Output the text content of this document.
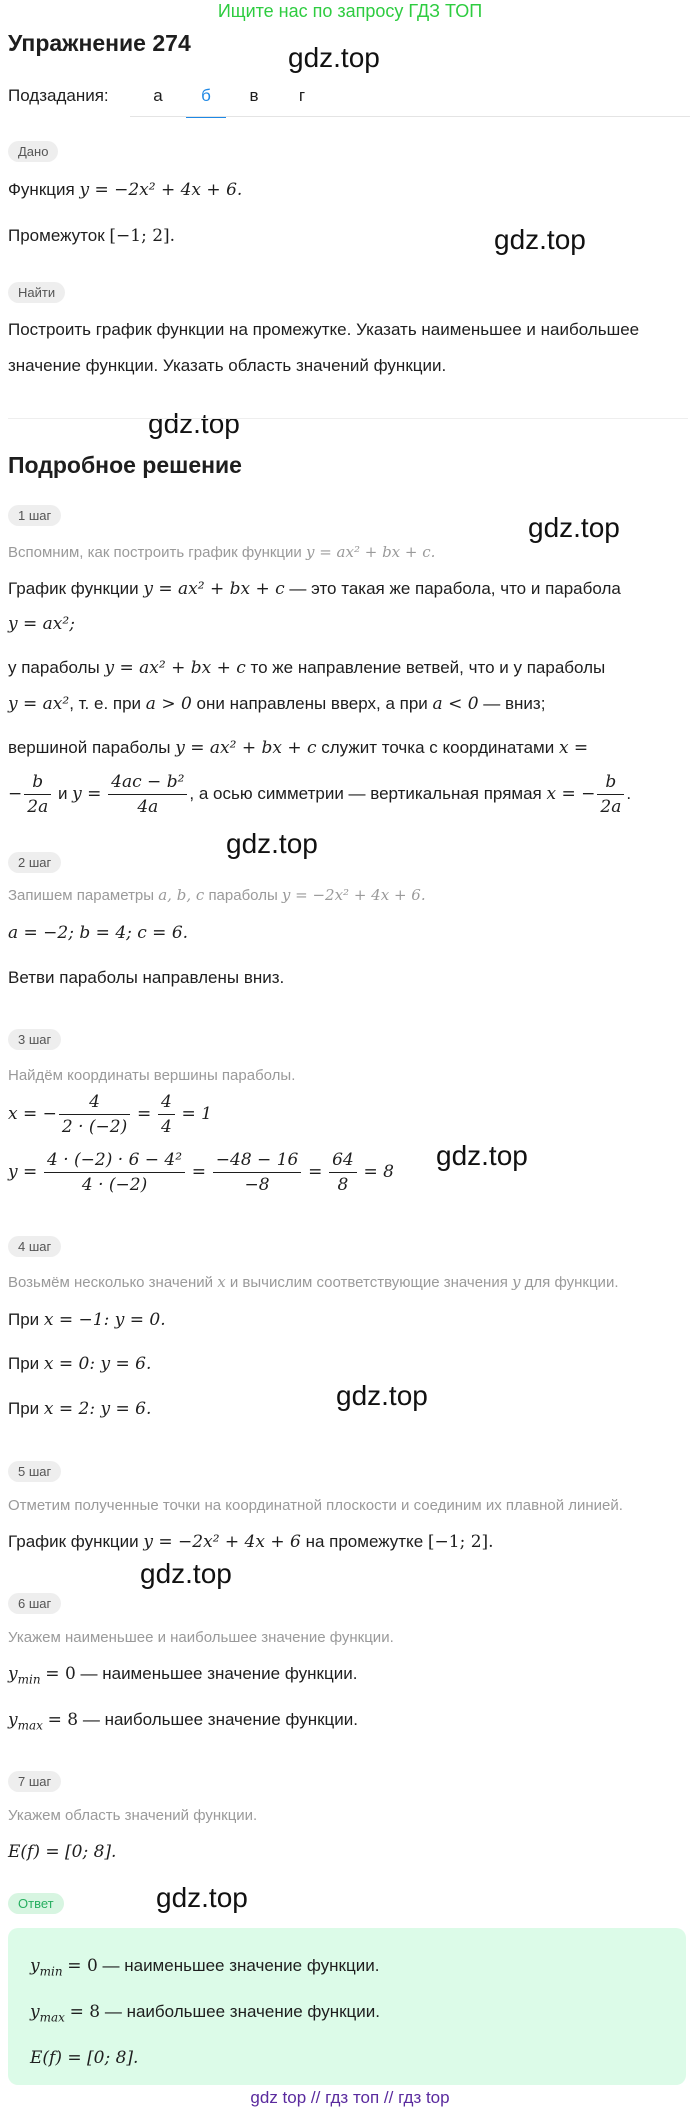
Ищите нас по запросу ГДЗ ТОП
Упражнение 274
Подзадания:	а	б	в	г
gdz.top
gdz.top
gdz.top
gdz.top
gdz.top
gdz.top
gdz.top
gdz.top
gdz.top
Дано
Функция y = −2x² + 4x + 6.
Промежуток [−1; 2].
Найти
Построить график функции на промежутке. Указать наименьшее и наибольшее
значение функции. Указать область значений функции.
Подробное решение
1 шаг
Вспомним, как построить график функции y = ax² + bx + c.
График функции y = ax² + bx + c — это такая же парабола, что и парабола
y = ax²;
у параболы y = ax² + bx + c то же направление ветвей, что и у параболы
y = ax², т. е. при a > 0 они направлены вверх, а при a < 0 — вниз;
вершиной параболы y = ax² + bx + c служит точка с координатами x =
− $\frac{b}{2a}$ и $y = \frac{\text{4ac − b²}}{4a}$ , а осью симметрии — вертикальная прямая x = − $\frac{b}{2a}$ .
2 шаг
Запишем параметры a, b, c параболы y = −2x² + 4x + 6.
a = −2; b = 4; c = 6.
Ветви параболы направлены вниз.
3 шаг
Найдём координаты вершины параболы.
x = − $\frac{4}{2 \cdot (-2)} = \frac{4}{4} = 1$
$y = \frac{\text{4 · (−2) · 6 − 4²}}{4 \cdot (-2)} = \frac{-48 - 16}{-8} = \frac{64}{8} = 8$
4 шаг
Возьмём несколько значений x и вычислим соответствующие значения y для функции.
При x = −1: y = 0.
При x = 0: y = 6.
При x = 2: y = 6.
5 шаг
Отметим полученные точки на координатной плоскости и соединим их плавной линией.
График функции y = −2x² + 4x + 6 на промежутке [−1; 2].
6 шаг
Укажем наименьшее и наибольшее значение функции.
$y_{min} = 0$ — наименьшее значение функции.
$y_{max} = 8$ — наибольшее значение функции.
7 шаг
Укажем область значений функции.
E(f) = [0; 8].
Ответ
$y_{min} = 0$ — наименьшее значение функции.
$y_{max} = 8$ — наибольшее значение функции.
E(f) = [0; 8].
gdz top // гдз топ // гдз top
